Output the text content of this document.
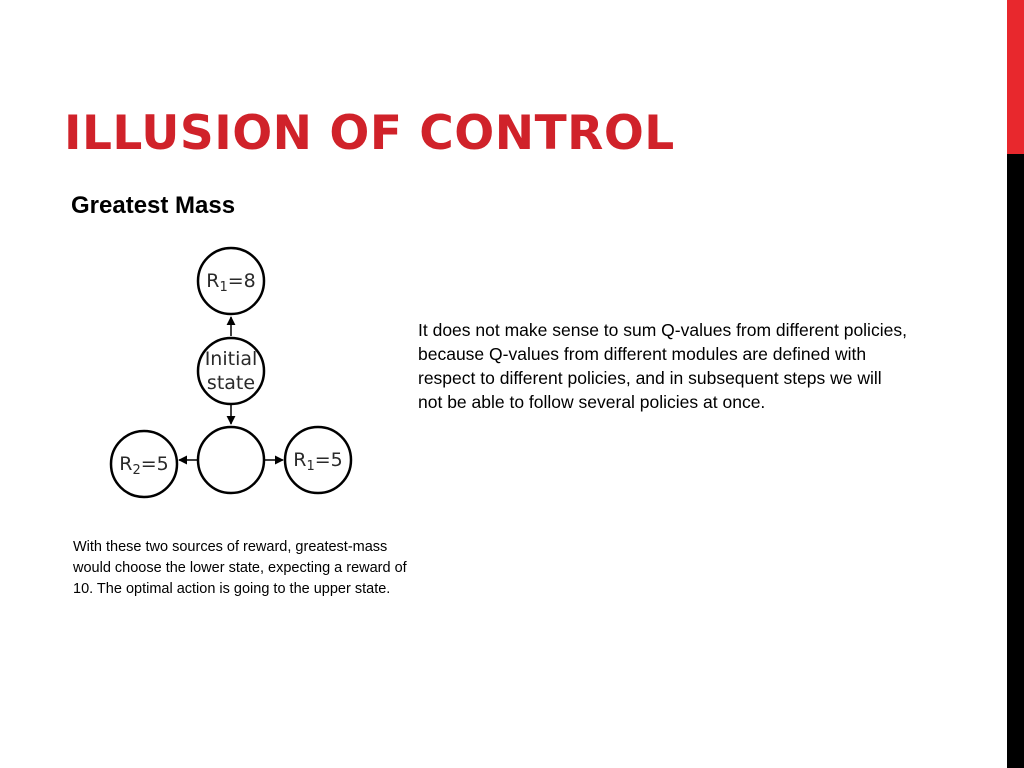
ILLUSION OF CONTROL
Greatest Mass
$R_1=8$
Initial
state
$R_2=5$	$R_1=5$
It does not make sense to sum Q-values from different policies, because Q-values from different modules are defined with respect to different policies, and in subsequent steps we will not be able to follow several policies at once.
With these two sources of reward, greatest-mass would choose the lower state, expecting a reward of 10. The optimal action is going to the upper state.
